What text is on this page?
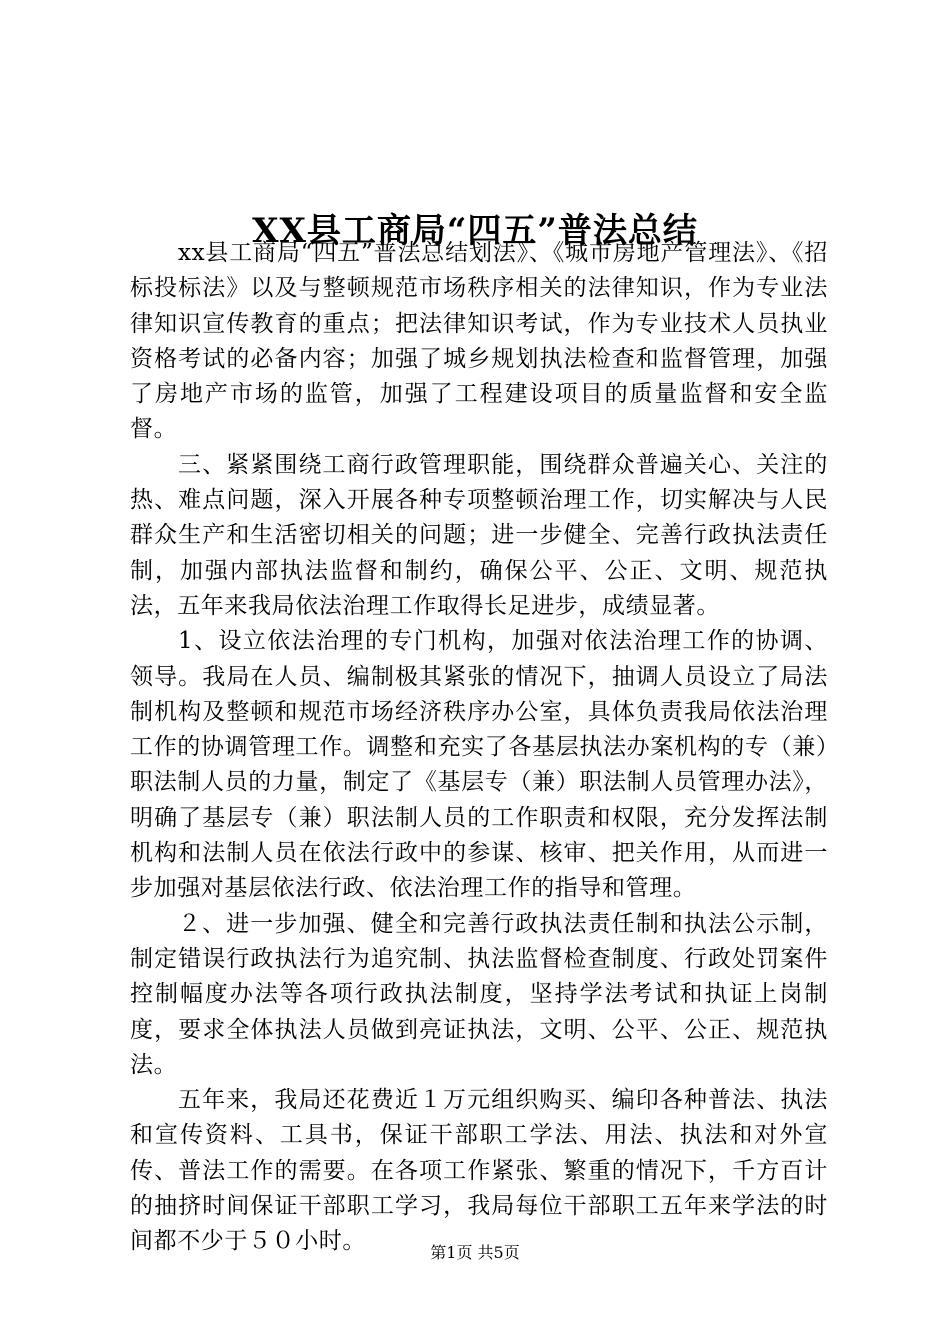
XX县工商局“四五”普法总结

xx县工商局“四五”普法总结划法》、《城市房地产管理法》、《招标投标法》以及与整顿规范市场秩序相关的法律知识，作为专业法律知识宣传教育的重点；把法律知识考试，作为专业技术人员执业资格考试的必备内容；加强了城乡规划执法检查和监督管理，加强了房地产市场的监管，加强了工程建设项目的质量监督和安全监督。

三、紧紧围绕工商行政管理职能，围绕群众普遍关心、关注的热、难点问题，深入开展各种专项整顿治理工作，切实解决与人民群众生产和生活密切相关的问题；进一步健全、完善行政执法责任制，加强内部执法监督和制约，确保公平、公正、文明、规范执法，五年来我局依法治理工作取得长足进步，成绩显著。

1、设立依法治理的专门机构，加强对依法治理工作的协调、领导。我局在人员、编制极其紧张的情况下，抽调人员设立了局法制机构及整顿和规范市场经济秩序办公室，具体负责我局依法治理工作的协调管理工作。调整和充实了各基层执法办案机构的专（兼）职法制人员的力量，制定了《基层专（兼）职法制人员管理办法》，明确了基层专（兼）职法制人员的工作职责和权限，充分发挥法制机构和法制人员在依法行政中的参谋、核审、把关作用，从而进一步加强对基层依法行政、依法治理工作的指导和管理。

２、进一步加强、健全和完善行政执法责任制和执法公示制，制定错误行政执法行为追究制、执法监督检查制度、行政处罚案件控制幅度办法等各项行政执法制度，坚持学法考试和执证上岗制度，要求全体执法人员做到亮证执法，文明、公平、公正、规范执法。

五年来，我局还花费近１万元组织购买、编印各种普法、执法和宣传资料、工具书，保证干部职工学法、用法、执法和对外宣传、普法工作的需要。在各项工作紧张、繁重的情况下，千方百计的抽挤时间保证干部职工学习，我局每位干部职工五年来学法的时间都不少于５０小时。	第1页 共5页
